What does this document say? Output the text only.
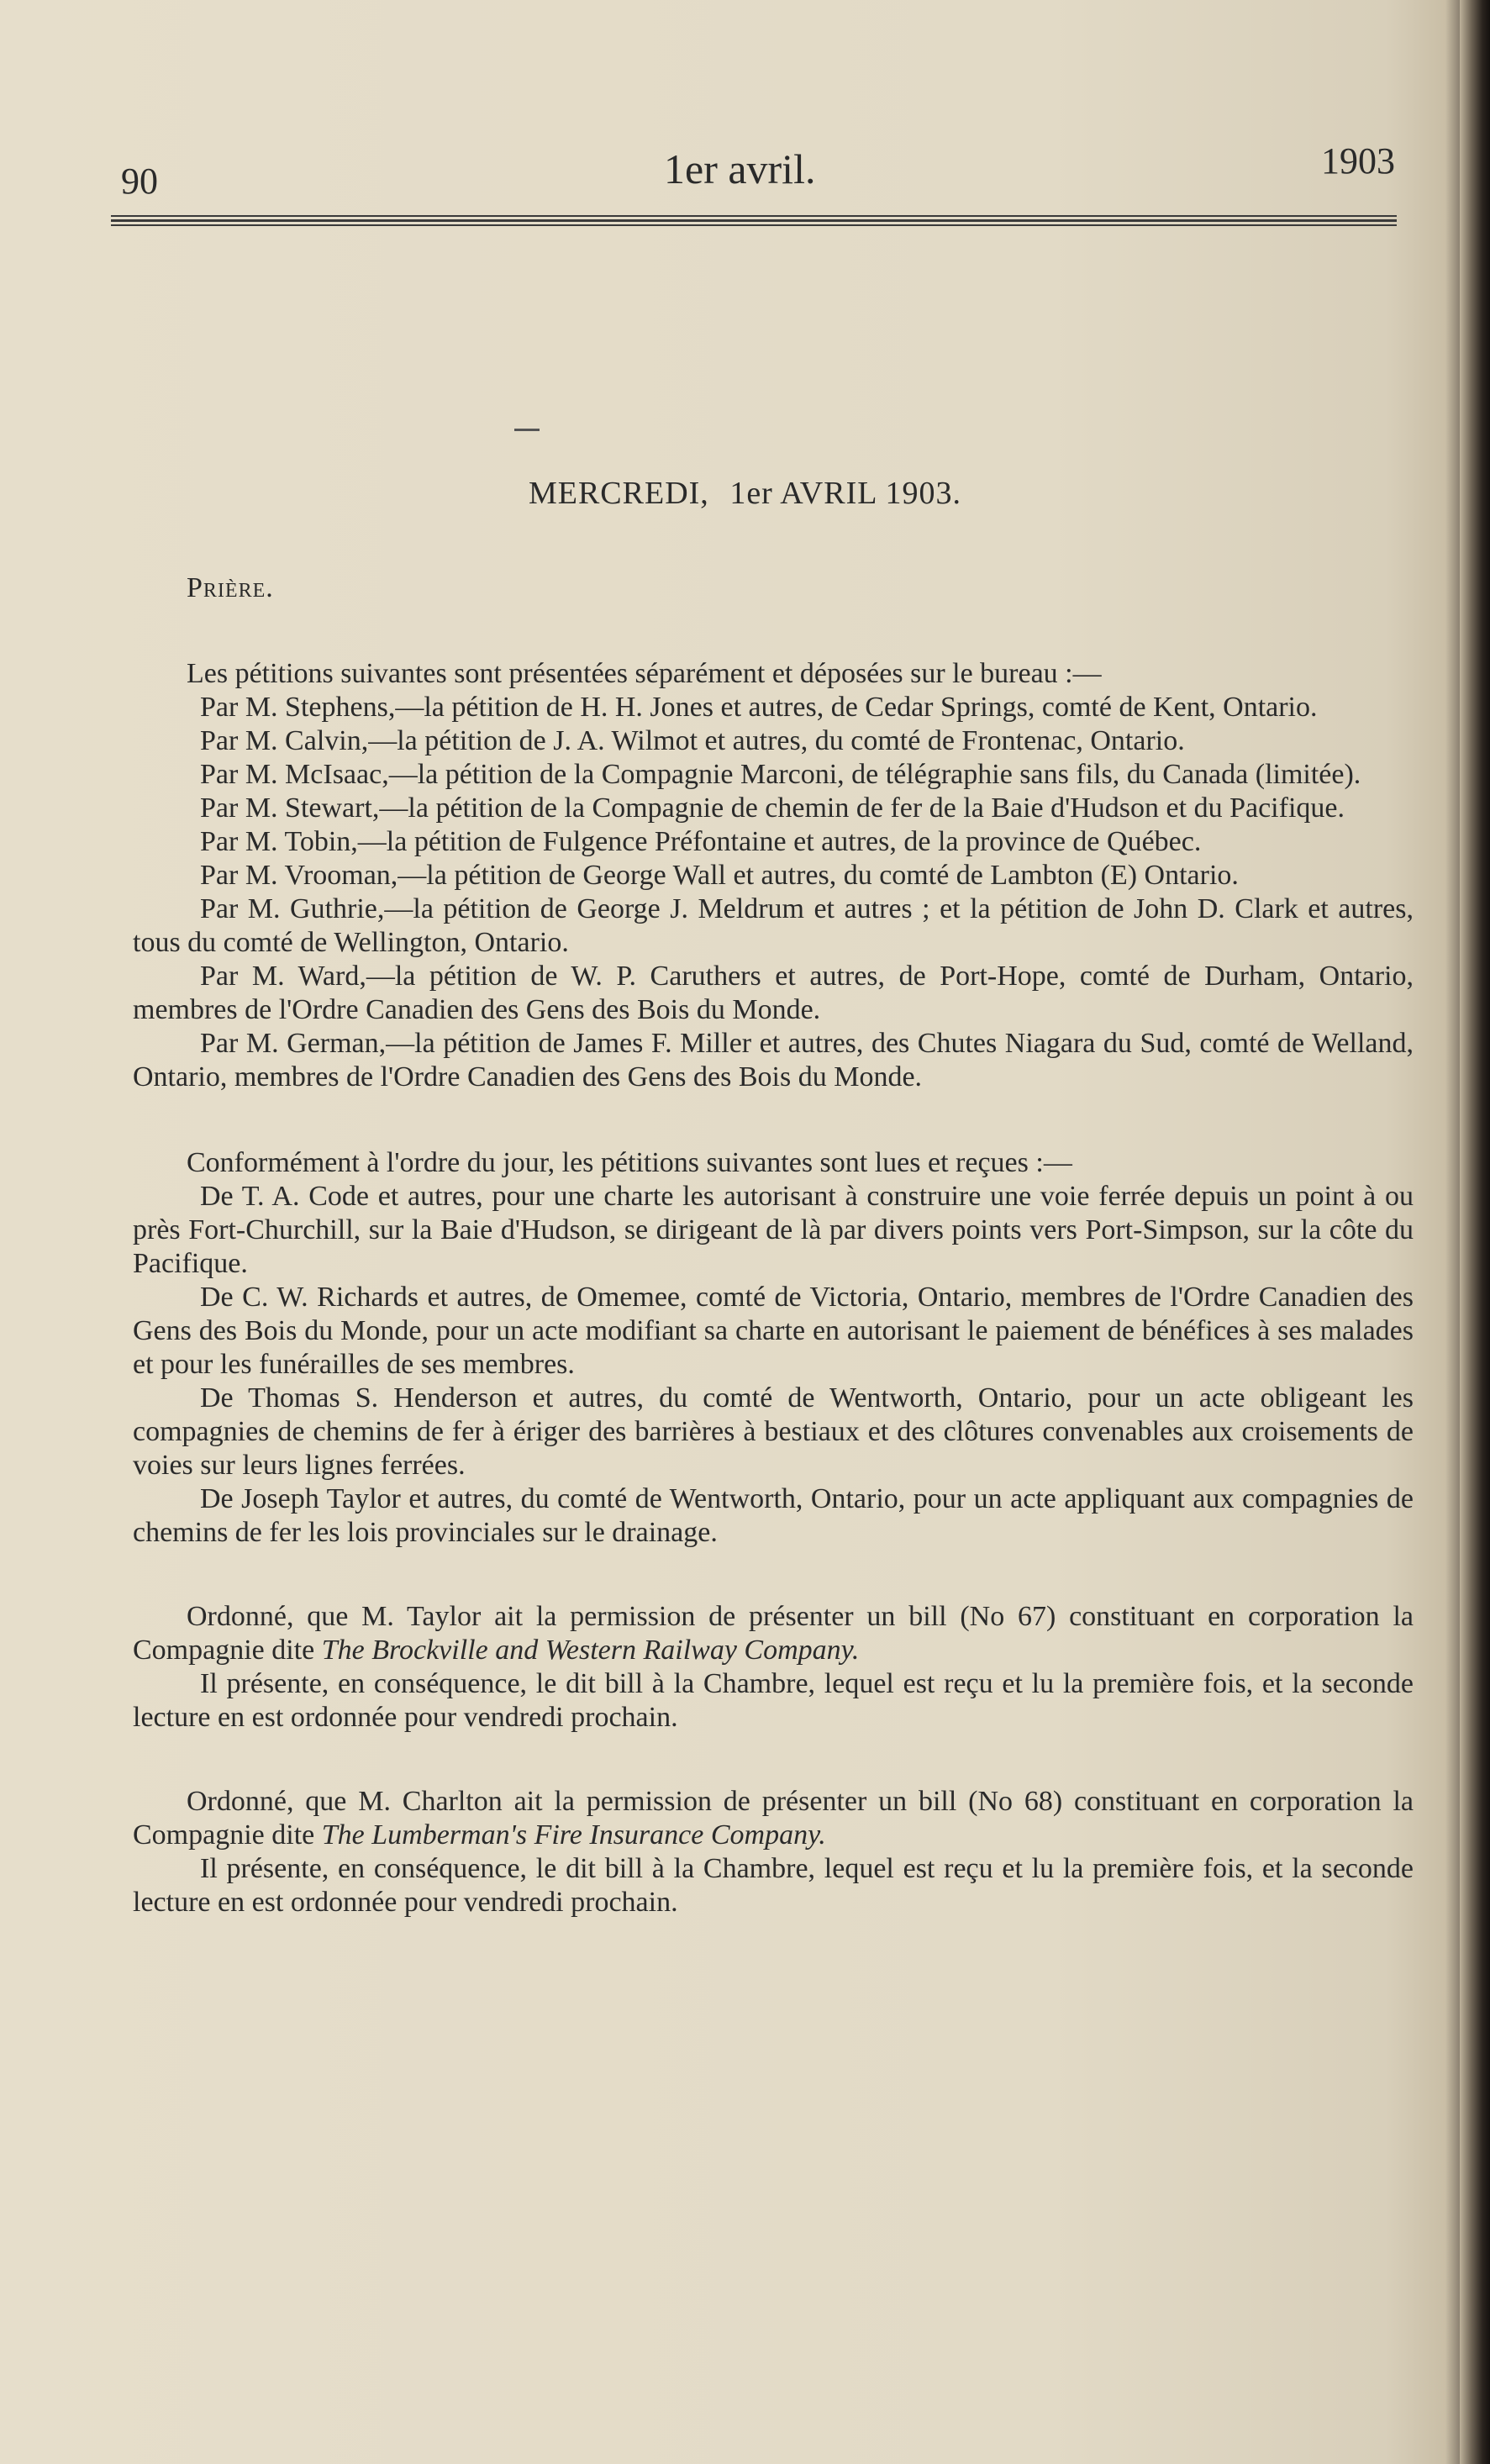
90	1er avril.	1903
MERCREDI, 1er AVRIL 1903.

Prière.

Les pétitions suivantes sont présentées séparément et déposées sur le bureau :—

Par M. Stephens,—la pétition de H. H. Jones et autres, de Cedar Springs, comté de Kent, Ontario.

Par M. Calvin,—la pétition de J. A. Wilmot et autres, du comté de Frontenac, Ontario.

Par M. McIsaac,—la pétition de la Compagnie Marconi, de télégraphie sans fils, du Canada (limitée).

Par M. Stewart,—la pétition de la Compagnie de chemin de fer de la Baie d'Hudson et du Pacifique.

Par M. Tobin,—la pétition de Fulgence Préfontaine et autres, de la province de Québec.

Par M. Vrooman,—la pétition de George Wall et autres, du comté de Lambton (E) Ontario.

Par M. Guthrie,—la pétition de George J. Meldrum et autres ; et la pétition de John D. Clark et autres, tous du comté de Wellington, Ontario.

Par M. Ward,—la pétition de W. P. Caruthers et autres, de Port-Hope, comté de Durham, Ontario, membres de l'Ordre Canadien des Gens des Bois du Monde.

Par M. German,—la pétition de James F. Miller et autres, des Chutes Niagara du Sud, comté de Welland, Ontario, membres de l'Ordre Canadien des Gens des Bois du Monde.

Conformément à l'ordre du jour, les pétitions suivantes sont lues et reçues :—

De T. A. Code et autres, pour une charte les autorisant à construire une voie ferrée depuis un point à ou près Fort-Churchill, sur la Baie d'Hudson, se dirigeant de là par divers points vers Port-Simpson, sur la côte du Pacifique.

De C. W. Richards et autres, de Omemee, comté de Victoria, Ontario, membres de l'Ordre Canadien des Gens des Bois du Monde, pour un acte modifiant sa charte en autorisant le paiement de bénéfices à ses malades et pour les funérailles de ses membres.

De Thomas S. Henderson et autres, du comté de Wentworth, Ontario, pour un acte obligeant les compagnies de chemins de fer à ériger des barrières à bestiaux et des clôtures convenables aux croisements de voies sur leurs lignes ferrées.

De Joseph Taylor et autres, du comté de Wentworth, Ontario, pour un acte appliquant aux compagnies de chemins de fer les lois provinciales sur le drainage.

Ordonné, que M. Taylor ait la permission de présenter un bill (No 67) constituant en corporation la Compagnie dite The Brockville and Western Railway Company.

Il présente, en conséquence, le dit bill à la Chambre, lequel est reçu et lu la première fois, et la seconde lecture en est ordonnée pour vendredi prochain.

Ordonné, que M. Charlton ait la permission de présenter un bill (No 68) constituant en corporation la Compagnie dite The Lumberman's Fire Insurance Company.

Il présente, en conséquence, le dit bill à la Chambre, lequel est reçu et lu la première fois, et la seconde lecture en est ordonnée pour vendredi prochain.
